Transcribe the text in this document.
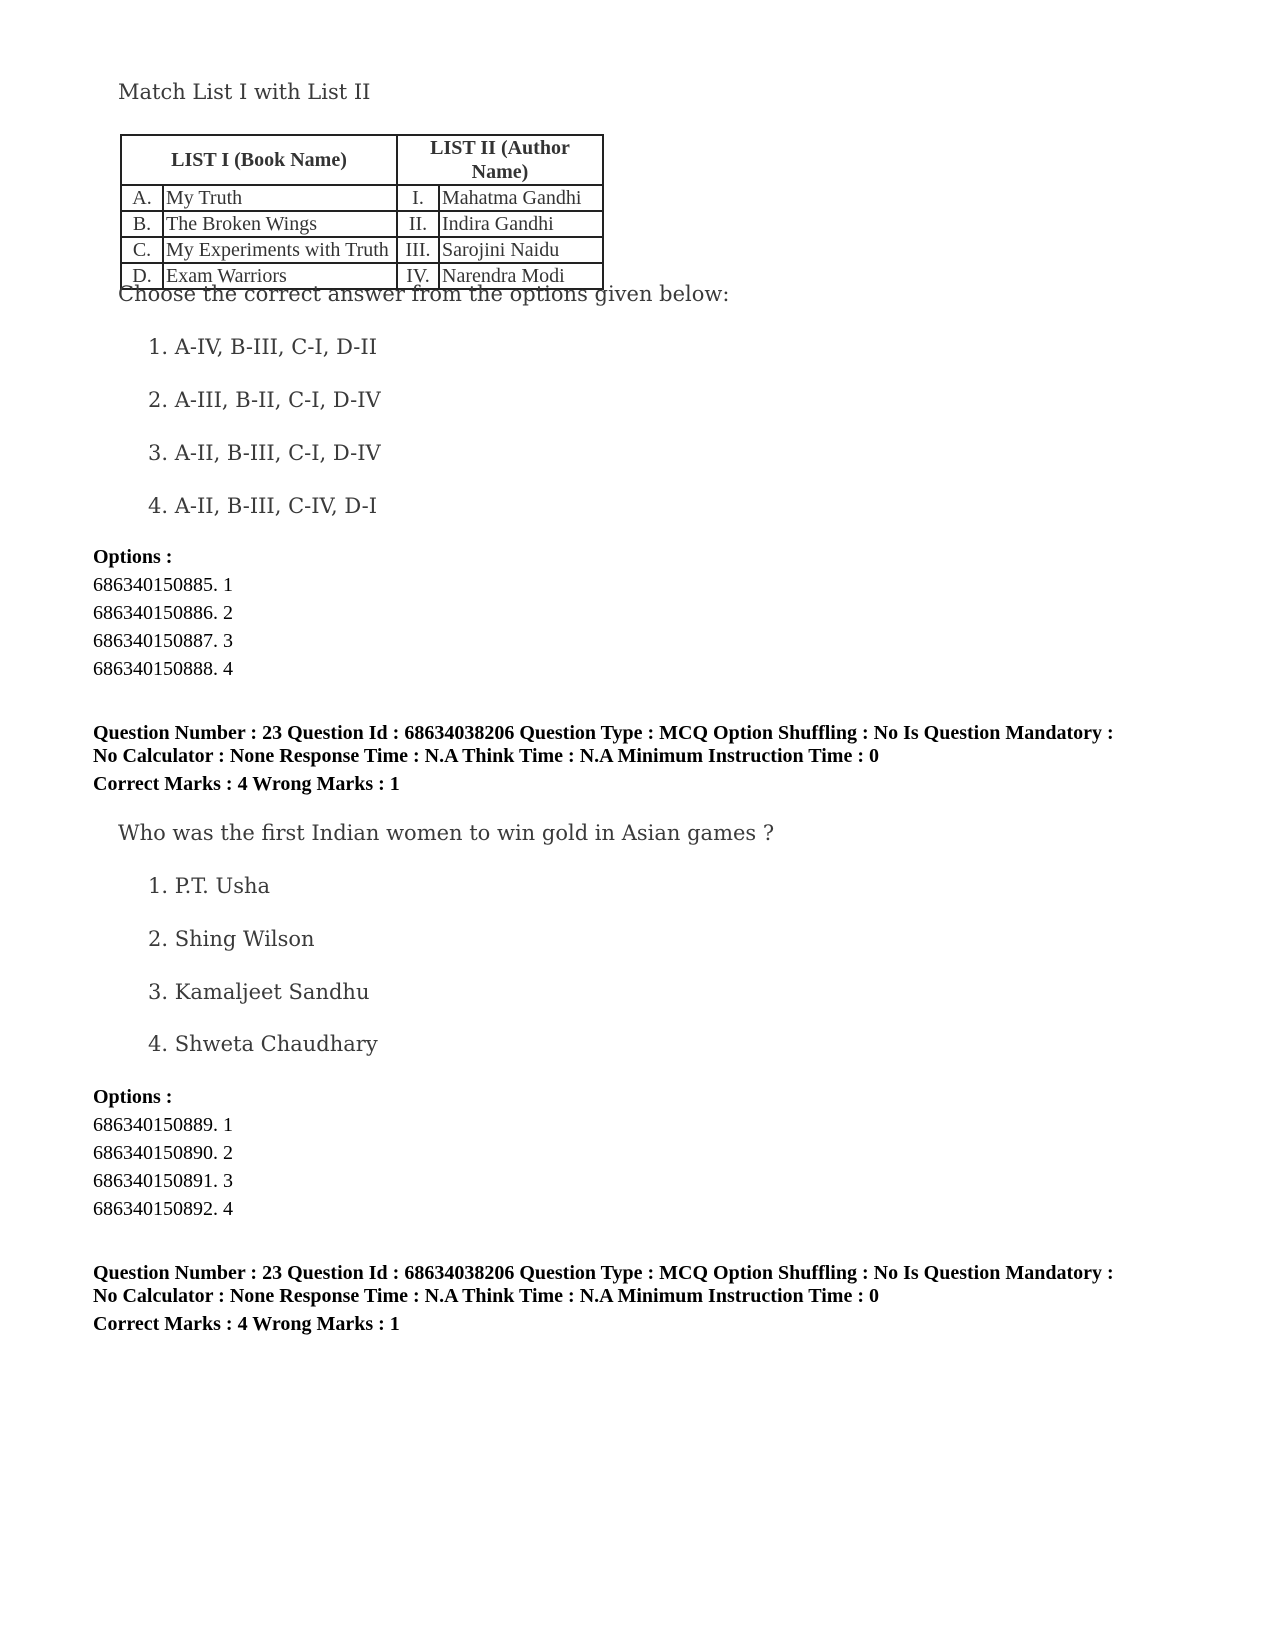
Match List I with List II
LIST I (Book Name)		LIST II (Author Name)	
A.	My Truth	I.	Mahatma Gandhi
B.	The Broken Wings	II.	Indira Gandhi
C.	My Experiments with Truth	III.	Sarojini Naidu
D.	Exam Warriors	IV.	Narendra Modi
Choose the correct answer from the options given below:
1. A-IV, B-III, C-I, D-II
2. A-III, B-II, C-I, D-IV
3. A-II, B-III, C-I, D-IV
4. A-II, B-III, C-IV, D-I
Options :
686340150885. 1
686340150886. 2
686340150887. 3
686340150888. 4
Question Number : 23 Question Id : 68634038206 Question Type : MCQ Option Shuffling : No Is Question Mandatory :
No Calculator : None Response Time : N.A Think Time : N.A Minimum Instruction Time : 0
Correct Marks : 4 Wrong Marks : 1
Who was the first Indian women to win gold in Asian games ?
1. P.T. Usha
2. Shing Wilson
3. Kamaljeet Sandhu
4. Shweta Chaudhary
Options :
686340150889. 1
686340150890. 2
686340150891. 3
686340150892. 4
Question Number : 23 Question Id : 68634038206 Question Type : MCQ Option Shuffling : No Is Question Mandatory :
No Calculator : None Response Time : N.A Think Time : N.A Minimum Instruction Time : 0
Correct Marks : 4 Wrong Marks : 1
